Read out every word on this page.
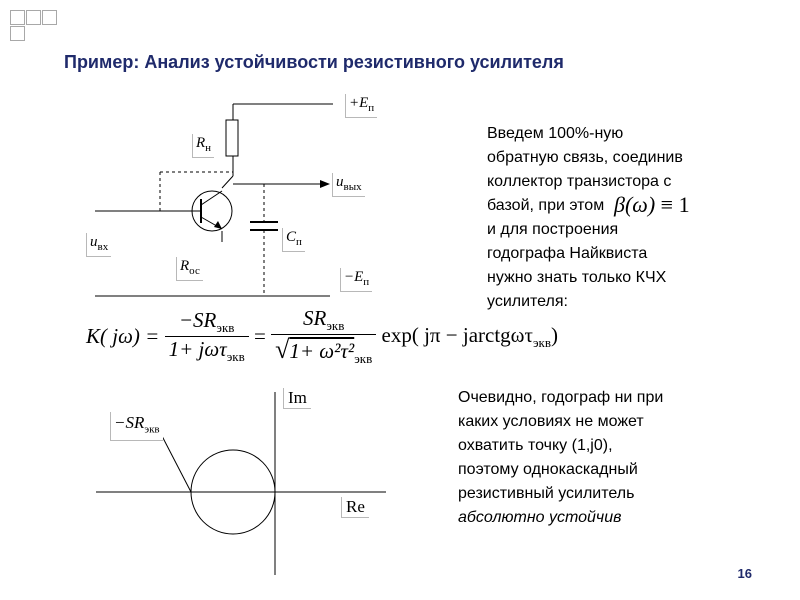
Пример: Анализ устойчивости резистивного усилителя
$+E_п$
$R_н$
$u_{вых}$
$u_{вх}$
$C_п$
$R_{ос}$	$-E_п$
Введем 100%-ную
обратную связь, соединив
коллектор транзистора с
базой, при этом
и для построения
годографа Найквиста
нужно знать только КЧХ
усилителя:
β(ω) ≡ 1
K( $j\omega) = \frac{-SR_{экв}}{1+ j\omega\tau_{экв}} = \frac{SR_{экв}}{√1+ \omega^2\tau^2_{экв}} \exp$( jπ − jarctgωτ$_{экв}$)
Im
Re
$-SR_{экв}$
Очевидно, годограф ни при
каких условиях не может
охватить точку (1,j0),
поэтому однокаскадный
резистивный усилитель
абсолютно устойчив
16
